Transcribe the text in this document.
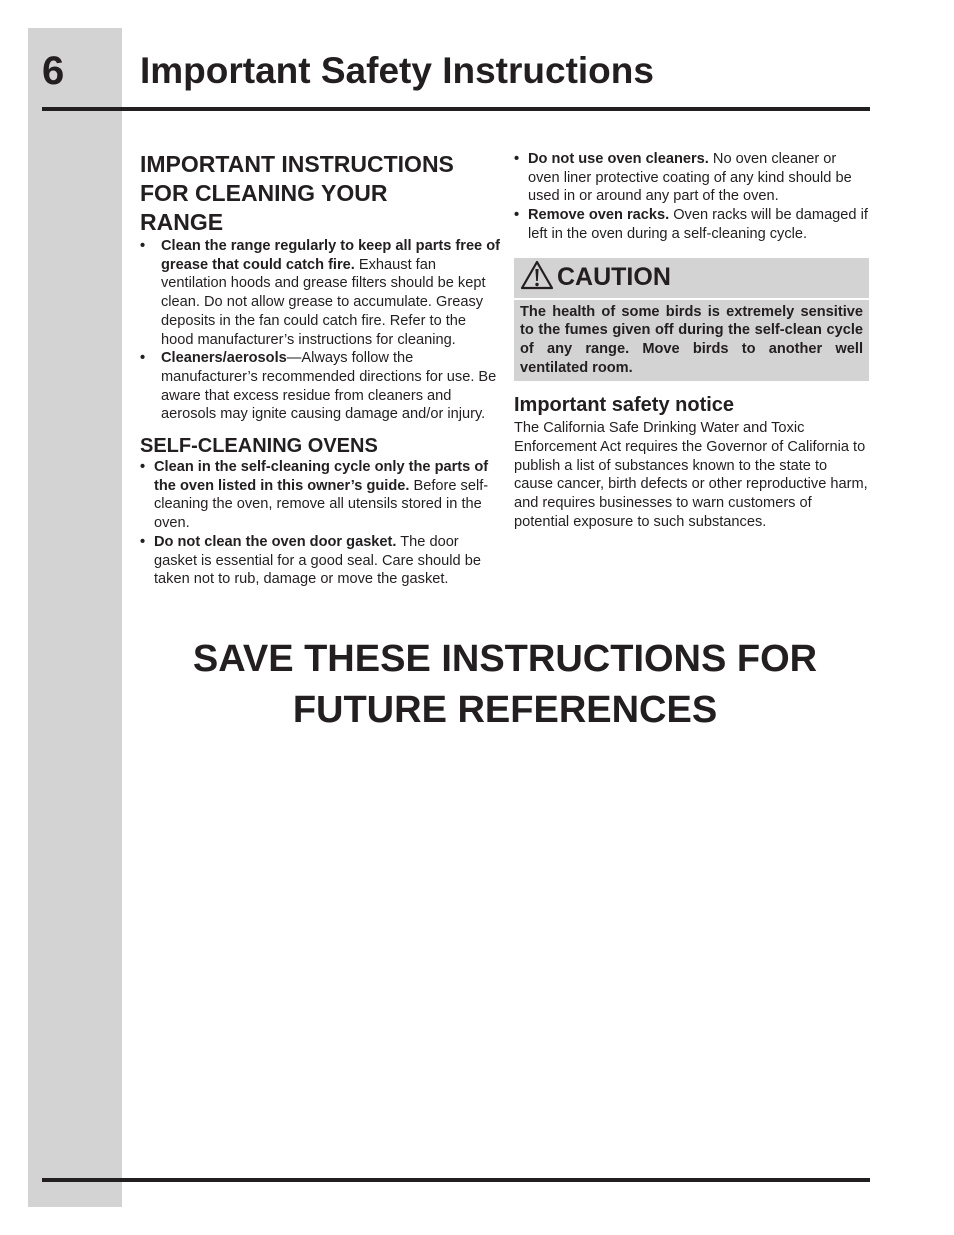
6 Important Safety Instructions
IMPORTANT INSTRUCTIONS
FOR CLEANING YOUR
RANGE
• Clean the range regularly to keep all parts free of grease that could catch fire. Exhaust fan ventilation hoods and grease filters should be kept clean. Do not allow grease to accumulate. Greasy deposits in the fan could catch fire. Refer to the hood manufacturer’s instructions for cleaning.
• Cleaners/aerosols—Always follow the manufacturer’s recommended directions for use. Be aware that excess residue from cleaners and aerosols may ignite causing damage and/or injury.
SELF-CLEANING OVENS
• Clean in the self-cleaning cycle only the parts of the oven listed in this owner’s guide. Before self-cleaning the oven, remove all utensils stored in the oven.
• Do not clean the oven door gasket. The door gasket is essential for a good seal. Care should be taken not to rub, damage or move the gasket.
• Do not use oven cleaners. No oven cleaner or oven liner protective coating of any kind should be used in or around any part of the oven.
• Remove oven racks. Oven racks will be damaged if left in the oven during a self-cleaning cycle.
CAUTION
The health of some birds is extremely sensitive to the fumes given off during the self-clean cycle of any range. Move birds to another well ventilated room.
Important safety notice
The California Safe Drinking Water and Toxic Enforcement Act requires the Governor of California to publish a list of substances known to the state to cause cancer, birth defects or other reproductive harm, and requires businesses to warn customers of potential exposure to such substances.
SAVE THESE INSTRUCTIONS FOR
FUTURE REFERENCES
